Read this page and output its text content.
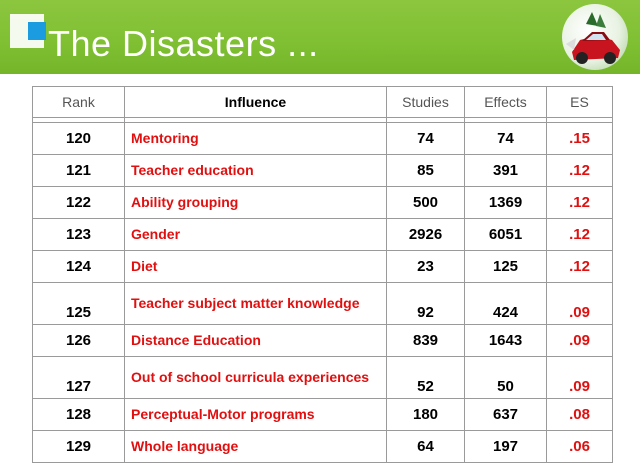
The Disasters ...
Rank	Influence	Studies	Effects	ES

120	Mentoring	74	74	.15
121	Teacher education	85	391	.12
122	Ability grouping	500	1369	.12
123	Gender	2926	6051	.12
124	Diet	23	125	.12
125	Teacher subject matter knowledge	92	424	.09
126	Distance Education	839	1643	.09
127	Out of school curricula experiences	52	50	.09
128	Perceptual-Motor programs	180	637	.08
129	Whole language	64	197	.06
